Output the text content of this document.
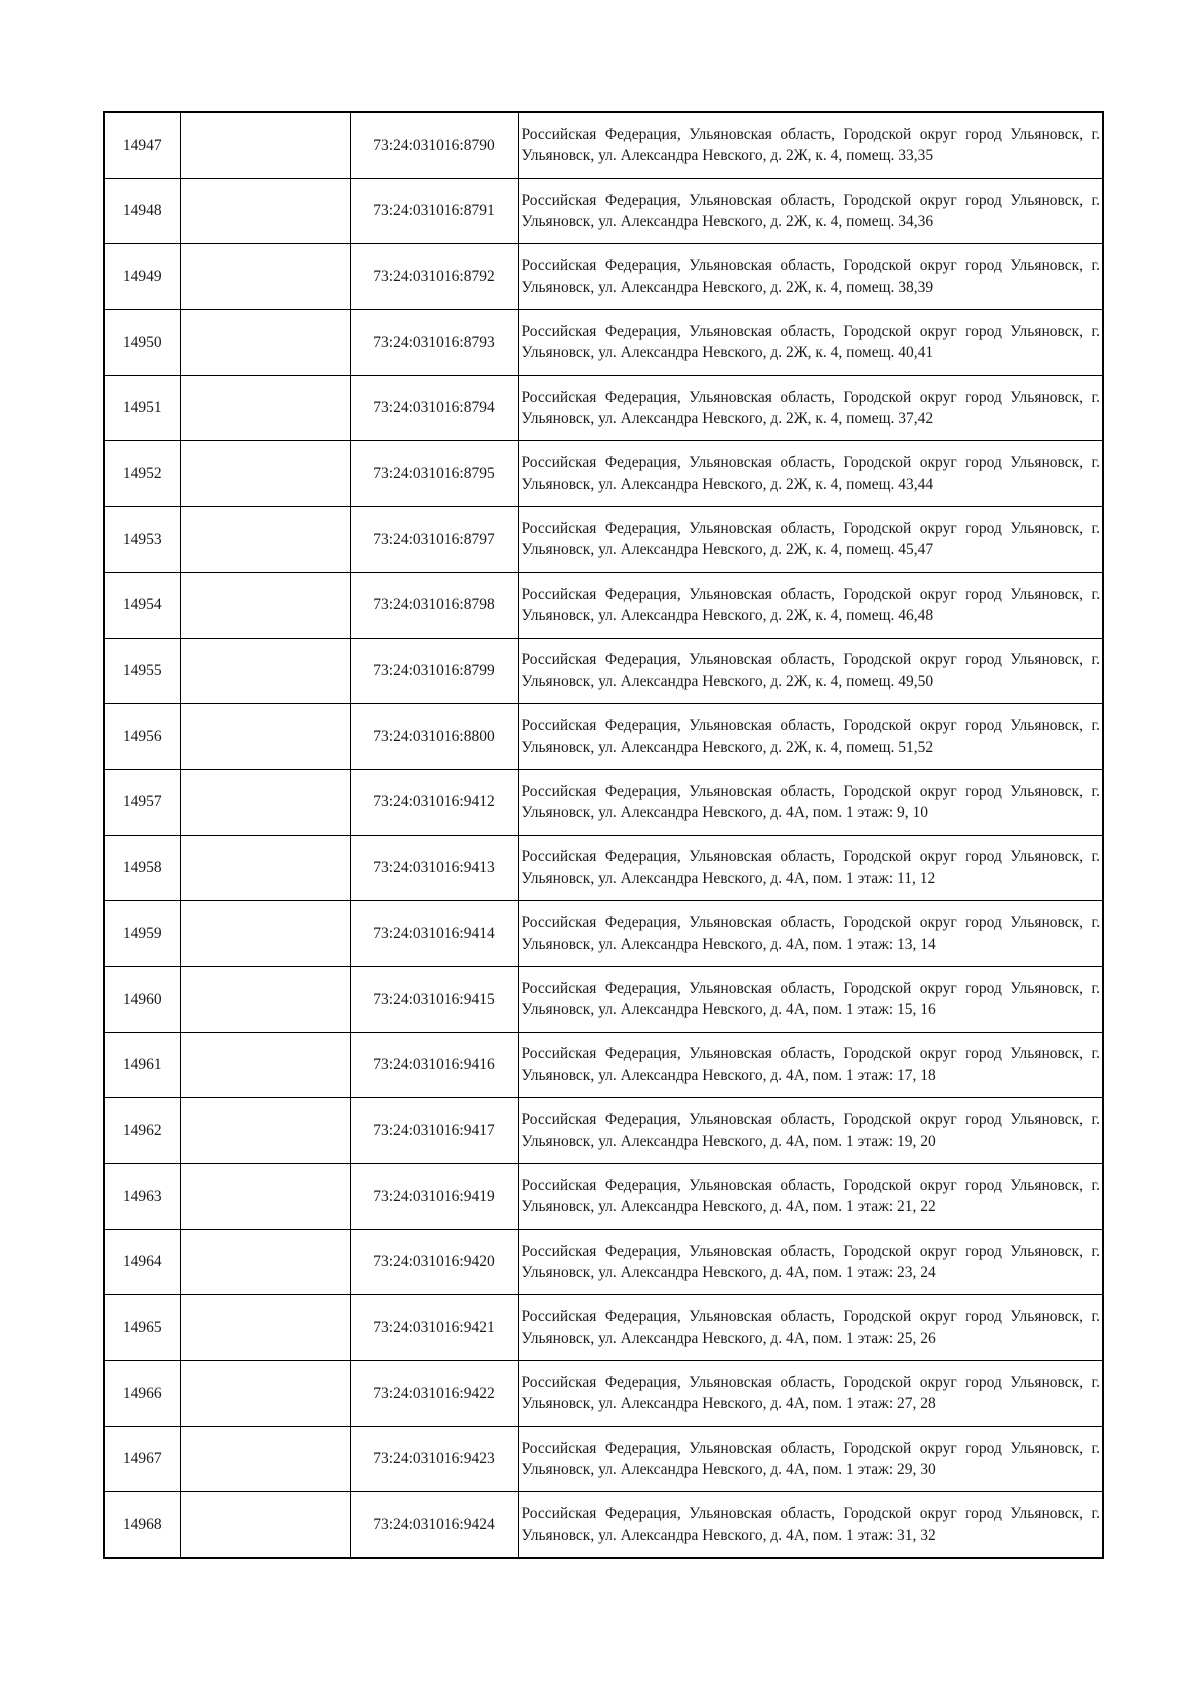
14947		73:24:031016:8790	Российская Федерация, Ульяновская область, Городской округ город Ульяновск, г. Ульяновск, ул. Александра Невского, д. 2Ж, к. 4, помещ. 33,35
14948		73:24:031016:8791	Российская Федерация, Ульяновская область, Городской округ город Ульяновск, г. Ульяновск, ул. Александра Невского, д. 2Ж, к. 4, помещ. 34,36
14949		73:24:031016:8792	Российская Федерация, Ульяновская область, Городской округ город Ульяновск, г. Ульяновск, ул. Александра Невского, д. 2Ж, к. 4, помещ. 38,39
14950		73:24:031016:8793	Российская Федерация, Ульяновская область, Городской округ город Ульяновск, г. Ульяновск, ул. Александра Невского, д. 2Ж, к. 4, помещ. 40,41
14951		73:24:031016:8794	Российская Федерация, Ульяновская область, Городской округ город Ульяновск, г. Ульяновск, ул. Александра Невского, д. 2Ж, к. 4, помещ. 37,42
14952		73:24:031016:8795	Российская Федерация, Ульяновская область, Городской округ город Ульяновск, г. Ульяновск, ул. Александра Невского, д. 2Ж, к. 4, помещ. 43,44
14953		73:24:031016:8797	Российская Федерация, Ульяновская область, Городской округ город Ульяновск, г. Ульяновск, ул. Александра Невского, д. 2Ж, к. 4, помещ. 45,47
14954		73:24:031016:8798	Российская Федерация, Ульяновская область, Городской округ город Ульяновск, г. Ульяновск, ул. Александра Невского, д. 2Ж, к. 4, помещ. 46,48
14955		73:24:031016:8799	Российская Федерация, Ульяновская область, Городской округ город Ульяновск, г. Ульяновск, ул. Александра Невского, д. 2Ж, к. 4, помещ. 49,50
14956		73:24:031016:8800	Российская Федерация, Ульяновская область, Городской округ город Ульяновск, г. Ульяновск, ул. Александра Невского, д. 2Ж, к. 4, помещ. 51,52
14957		73:24:031016:9412	Российская Федерация, Ульяновская область, Городской округ город Ульяновск, г. Ульяновск, ул. Александра Невского, д. 4А, пом. 1 этаж: 9, 10
14958		73:24:031016:9413	Российская Федерация, Ульяновская область, Городской округ город Ульяновск, г. Ульяновск, ул. Александра Невского, д. 4А, пом. 1 этаж: 11, 12
14959		73:24:031016:9414	Российская Федерация, Ульяновская область, Городской округ город Ульяновск, г. Ульяновск, ул. Александра Невского, д. 4А, пом. 1 этаж: 13, 14
14960		73:24:031016:9415	Российская Федерация, Ульяновская область, Городской округ город Ульяновск, г. Ульяновск, ул. Александра Невского, д. 4А, пом. 1 этаж: 15, 16
14961		73:24:031016:9416	Российская Федерация, Ульяновская область, Городской округ город Ульяновск, г. Ульяновск, ул. Александра Невского, д. 4А, пом. 1 этаж: 17, 18
14962		73:24:031016:9417	Российская Федерация, Ульяновская область, Городской округ город Ульяновск, г. Ульяновск, ул. Александра Невского, д. 4А, пом. 1 этаж: 19, 20
14963		73:24:031016:9419	Российская Федерация, Ульяновская область, Городской округ город Ульяновск, г. Ульяновск, ул. Александра Невского, д. 4А, пом. 1 этаж: 21, 22
14964		73:24:031016:9420	Российская Федерация, Ульяновская область, Городской округ город Ульяновск, г. Ульяновск, ул. Александра Невского, д. 4А, пом. 1 этаж: 23, 24
14965		73:24:031016:9421	Российская Федерация, Ульяновская область, Городской округ город Ульяновск, г. Ульяновск, ул. Александра Невского, д. 4А, пом. 1 этаж: 25, 26
14966		73:24:031016:9422	Российская Федерация, Ульяновская область, Городской округ город Ульяновск, г. Ульяновск, ул. Александра Невского, д. 4А, пом. 1 этаж: 27, 28
14967		73:24:031016:9423	Российская Федерация, Ульяновская область, Городской округ город Ульяновск, г. Ульяновск, ул. Александра Невского, д. 4А, пом. 1 этаж: 29, 30
14968		73:24:031016:9424	Российская Федерация, Ульяновская область, Городской округ город Ульяновск, г. Ульяновск, ул. Александра Невского, д. 4А, пом. 1 этаж: 31, 32
